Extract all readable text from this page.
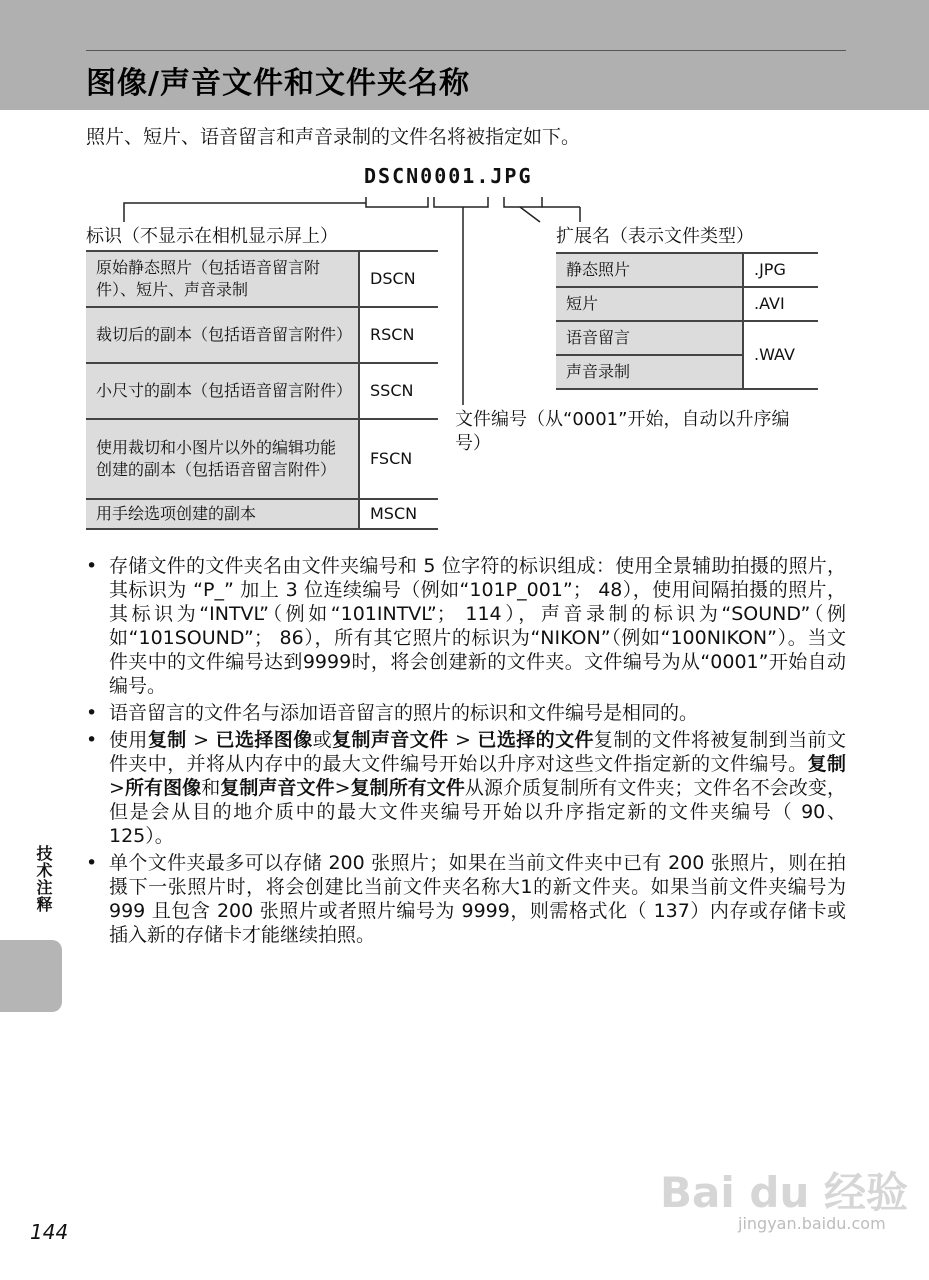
图像/声音文件和文件夹名称
照片、短片、语音留言和声音录制的文件名将被指定如下。
DSCN0001.JPG
标识（不显示在相机显示屏上）	扩展名（表示文件类型）
文件编号（从“0001”开始，自动以升序编号）
原始静态照片（包括语音留言附件）、短片、声音录制	DSCN
裁切后的副本（包括语音留言附件）	RSCN
小尺寸的副本（包括语音留言附件）	SSCN
使用裁切和小图片以外的编辑功能创建的副本（包括语音留言附件）	FSCN
用手绘选项创建的副本	MSCN
静态照片	.JPG
短片	.AVI
语音留言	.WAV
声音录制	
• 存储文件的文件夹名由文件夹编号和 5 位字符的标识组成：使用全景辅助拍摄的照片，其标识为 “P_” 加上 3 位连续编号（例如“101P_001”； 48），使用间隔拍摄的照片，其标识为“INTVL”（例如“101INTVL”； 114），声音录制的标识为“SOUND”（例如“101SOUND”； 86），所有其它照片的标识为“NIKON”（例如“100NIKON”）。当文件夹中的文件编号达到9999时，将会创建新的文件夹。文件编号为从“0001”开始自动编号。
• 语音留言的文件名与添加语音留言的照片的标识和文件编号是相同的。
• 使用复制 > 已选择图像或复制声音文件 > 已选择的文件复制的文件将被复制到当前文件夹中，并将从内存中的最大文件编号开始以升序对这些文件指定新的文件编号。复制>所有图像和复制声音文件>复制所有文件从源介质复制所有文件夹；文件名不会改变，但是会从目的地介质中的最大文件夹编号开始以升序指定新的文件夹编号（ 90、125）。
• 单个文件夹最多可以存储 200 张照片；如果在当前文件夹中已有 200 张照片，则在拍摄下一张照片时，将会创建比当前文件夹名称大1的新文件夹。如果当前文件夹编号为 999 且包含 200 张照片或者照片编号为 9999，则需格式化（ 137）内存或存储卡或插入新的存储卡才能继续拍照。
技术注释
144
Bai du 经验
jingyan.baidu.com
